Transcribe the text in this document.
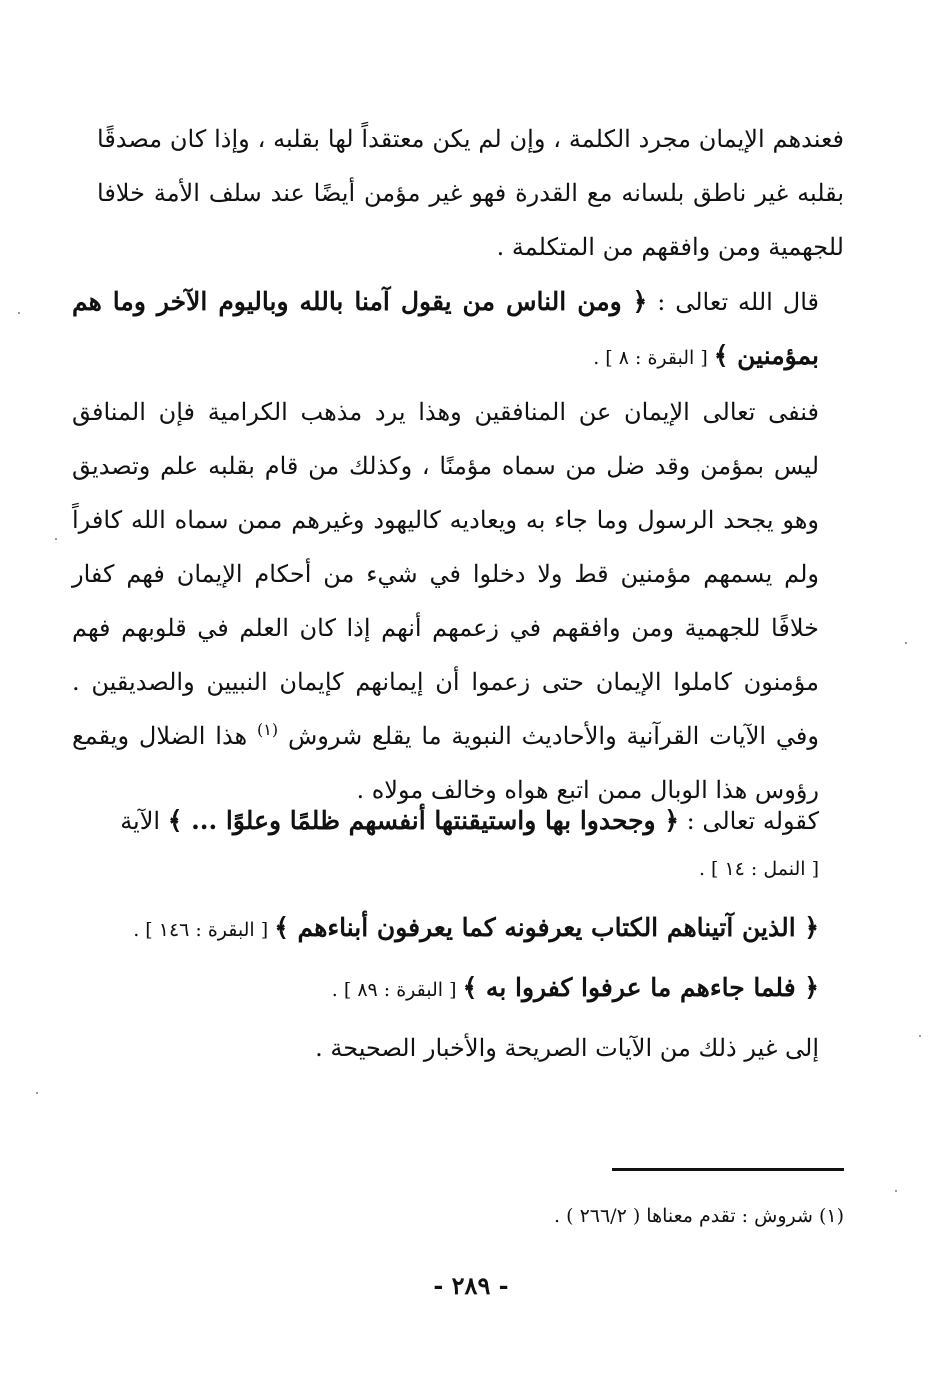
فعندهم الإيمان مجرد الكلمة ، وإن لم يكن معتقداً لها بقلبه ، وإذا كان مصدقًا بقلبه غير ناطق بلسانه مع القدرة فهو غير مؤمن أيضًا عند سلف الأمة خلافا للجهمية ومن وافقهم من المتكلمة .

قال الله تعالى : ﴿ ومن الناس من يقول آمنا بالله وباليوم الآخر وما هم بمؤمنين ﴾ [ البقرة : ٨ ] .

فنفى تعالى الإيمان عن المنافقين وهذا يرد مذهب الكرامية فإن المنافق ليس بمؤمن وقد ضل من سماه مؤمنًا ، وكذلك من قام بقلبه علم وتصديق وهو يجحد الرسول وما جاء به ويعاديه كاليهود وغيرهم ممن سماه الله كافراً ولم يسمهم مؤمنين قط ولا دخلوا في شيء من أحكام الإيمان فهم كفار خلافًا للجهمية ومن وافقهم في زعمهم أنهم إذا كان العلم في قلوبهم فهم مؤمنون كاملوا الإيمان حتى زعموا أن إيمانهم كإيمان النبيين والصديقين . وفي الآيات القرآنية والأحاديث النبوية ما يقلع شروش $^{(١)}$ هذا الضلال ويقمع رؤوس هذا الوبال ممن اتبع هواه وخالف مولاه .

كقوله تعالى : ﴿ وجحدوا بها واستيقنتها أنفسهم ظلمًا وعلوًا ... ﴾ الآية
[ النمل : ١٤ ] .

﴿ الذين آتيناهم الكتاب يعرفونه كما يعرفون أبناءهم ﴾ [ البقرة : ١٤٦ ] .

﴿ فلما جاءهم ما عرفوا كفروا به ﴾ [ البقرة : ٨٩ ] .

إلى غير ذلك من الآيات الصريحة والأخبار الصحيحة .

(١) شروش : تقدم معناها ( ٢٦٦/٢ ) .
- ٢٨٩ -
